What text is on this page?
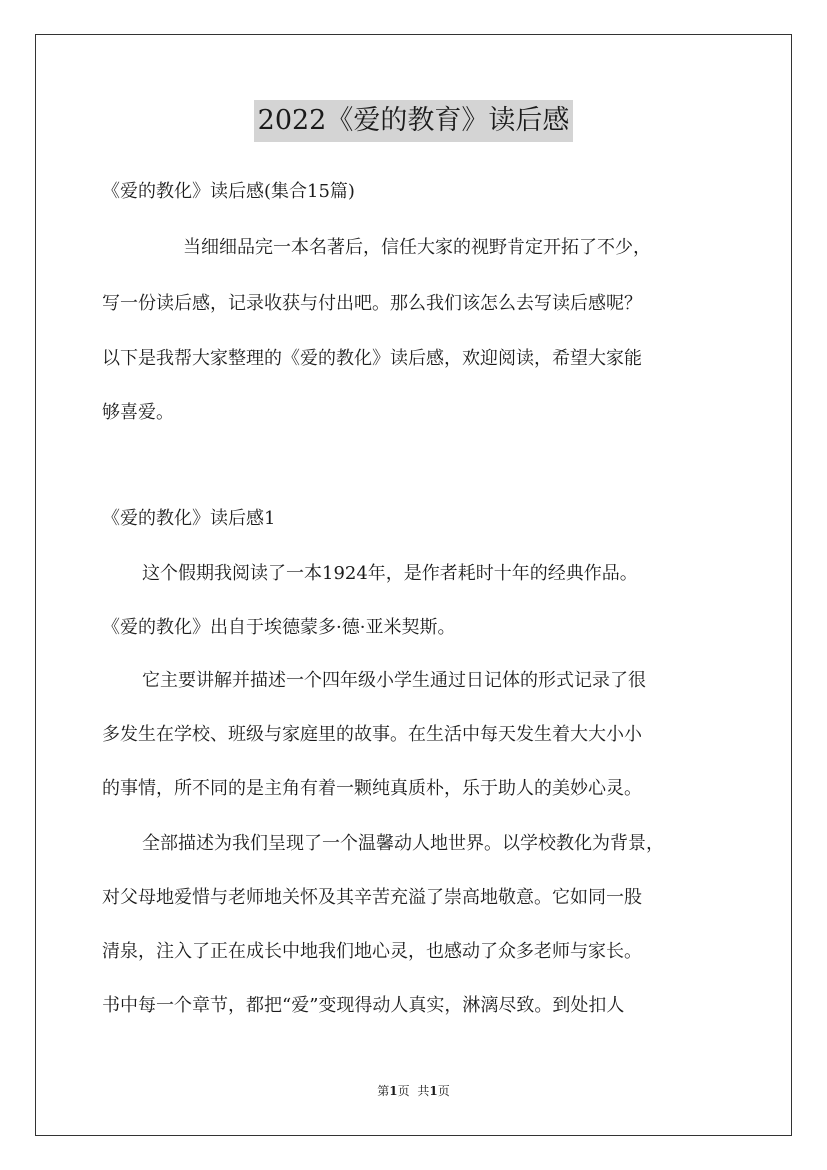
2022《爱的教育》读后感
《爱的教化》读后感(集合15篇)
当细细品完一本名著后，信任大家的视野肯定开拓了不少，
写一份读后感，记录收获与付出吧。那么我们该怎么去写读后感呢？
以下是我帮大家整理的《爱的教化》读后感，欢迎阅读，希望大家能
够喜爱。
《爱的教化》读后感1
这个假期我阅读了一本1924年，是作者耗时十年的经典作品。
《爱的教化》出自于埃德蒙多·德·亚米契斯。
它主要讲解并描述一个四年级小学生通过日记体的形式记录了很
多发生在学校、班级与家庭里的故事。在生活中每天发生着大大小小
的事情，所不同的是主角有着一颗纯真质朴，乐于助人的美妙心灵。
全部描述为我们呈现了一个温馨动人地世界。以学校教化为背景，
对父母地爱惜与老师地关怀及其辛苦充溢了崇高地敬意。它如同一股
清泉，注入了正在成长中地我们地心灵，也感动了众多老师与家长。
书中每一个章节，都把“爱”变现得动人真实，淋漓尽致。到处扣人
第1页 共1页
